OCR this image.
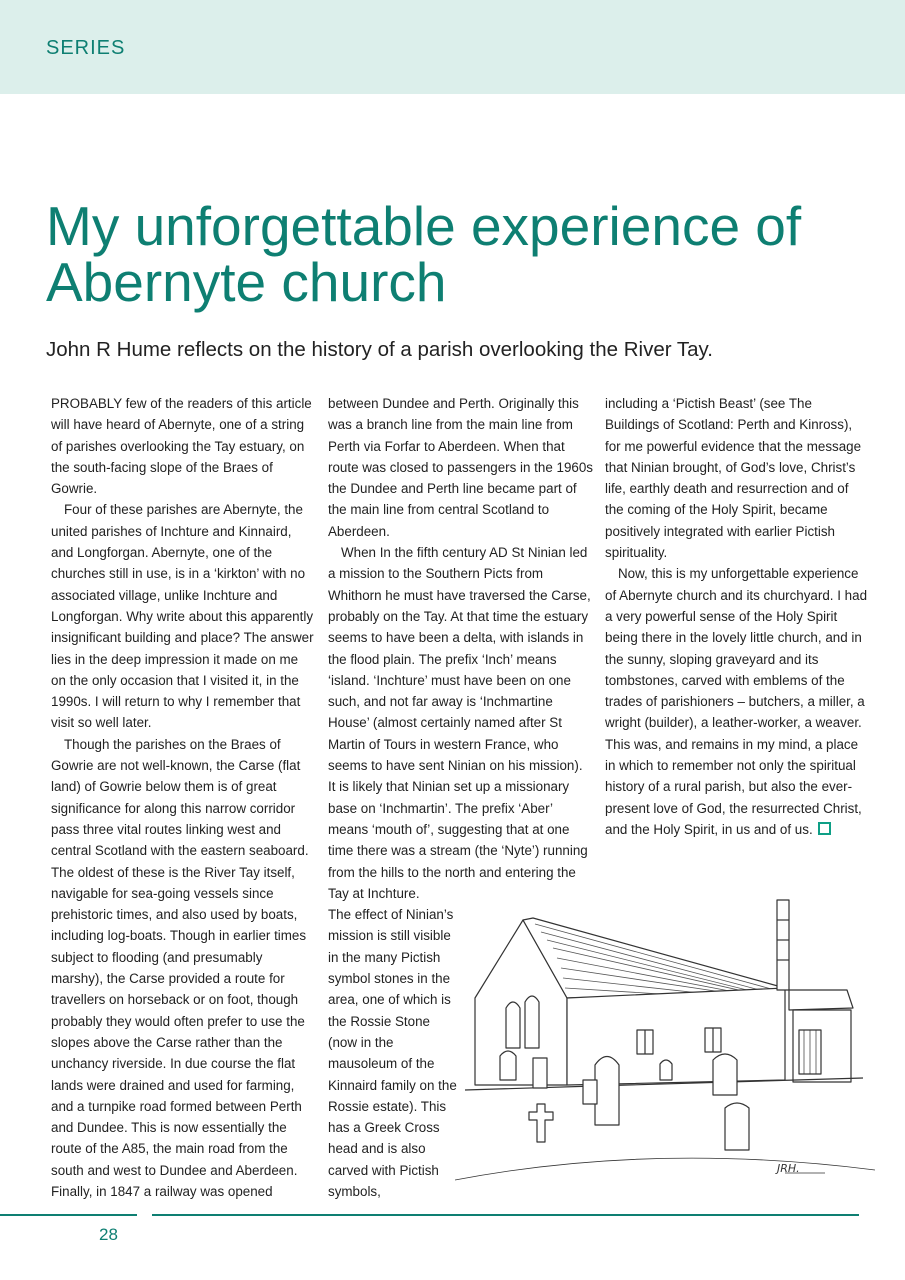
SERIES
My unforgettable experience of
Abernyte church
John R Hume reflects on the history of a parish overlooking the River Tay.

PROBABLY few of the readers of this article will have heard of Abernyte, one of a string of parishes overlooking the Tay estuary, on the south-facing slope of the Braes of Gowrie.

Four of these parishes are Abernyte, the united parishes of Inchture and Kinnaird, and Longforgan. Abernyte, one of the churches still in use, is in a ‘kirkton’ with no associated village, unlike Inchture and Longforgan. Why write about this apparently insignificant building and place? The answer lies in the deep impression it made on me on the only occasion that I visited it, in the 1990s. I will return to why I remember that visit so well later.

Though the parishes on the Braes of Gowrie are not well-known, the Carse (flat land) of Gowrie below them is of great significance for along this narrow corridor pass three vital routes linking west and central Scotland with the eastern seaboard. The oldest of these is the River Tay itself, navigable for sea-going vessels since prehistoric times, and also used by boats, including log-boats. Though in earlier times subject to flooding (and presumably marshy), the Carse provided a route for travellers on horseback or on foot, though probably they would often prefer to use the slopes above the Carse rather than the unchancy riverside. In due course the flat lands were drained and used for farming, and a turnpike road formed between Perth and Dundee. This is now essentially the route of the A85, the main road from the south and west to Dundee and Aberdeen. Finally, in 1847 a railway was opened

between Dundee and Perth. Originally this was a branch line from the main line from Perth via Forfar to Aberdeen. When that route was closed to passengers in the 1960s the Dundee and Perth line became part of the main line from central Scotland to Aberdeen.

When In the fifth century AD St Ninian led a mission to the Southern Picts from Whithorn he must have traversed the Carse, probably on the Tay. At that time the estuary seems to have been a delta, with islands in the flood plain. The prefix ‘Inch’ means ‘island. ‘Inchture’ must have been on one such, and not far away is ‘Inchmartine House’ (almost certainly named after St Martin of Tours in western France, who seems to have sent Ninian on his mission). It is likely that Ninian set up a missionary base on ‘Inchmartin’. The prefix ‘Aber’ means ‘mouth of’, suggesting that at one time there was a stream (the ‘Nyte’) running from the hills to the north and entering the Tay at Inchture.

The effect of Ninian’s mission is still visible in the many Pictish symbol stones in the area, one of which is the Rossie Stone (now in the mausoleum of the Kinnaird family on the Rossie estate). This has a Greek Cross head and is also carved with Pictish symbols,

including a ‘Pictish Beast’ (see The Buildings of Scotland: Perth and Kinross), for me powerful evidence that the message that Ninian brought, of God’s love, Christ’s life, earthly death and resurrection and of the coming of the Holy Spirit, became positively integrated with earlier Pictish spirituality.

Now, this is my unforgettable experience of Abernyte church and its churchyard. I had a very powerful sense of the Holy Spirit being there in the lovely little church, and in the sunny, sloping graveyard and its tombstones, carved with emblems of the trades of parishioners – butchers, a miller, a wright (builder), a leather-worker, a weaver. This was, and remains in my mind, a place in which to remember not only the spiritual history of a rural parish, but also the ever-present love of God, the resurrected Christ, and the Holy Spirit, in us and of us.

JRH.
28
